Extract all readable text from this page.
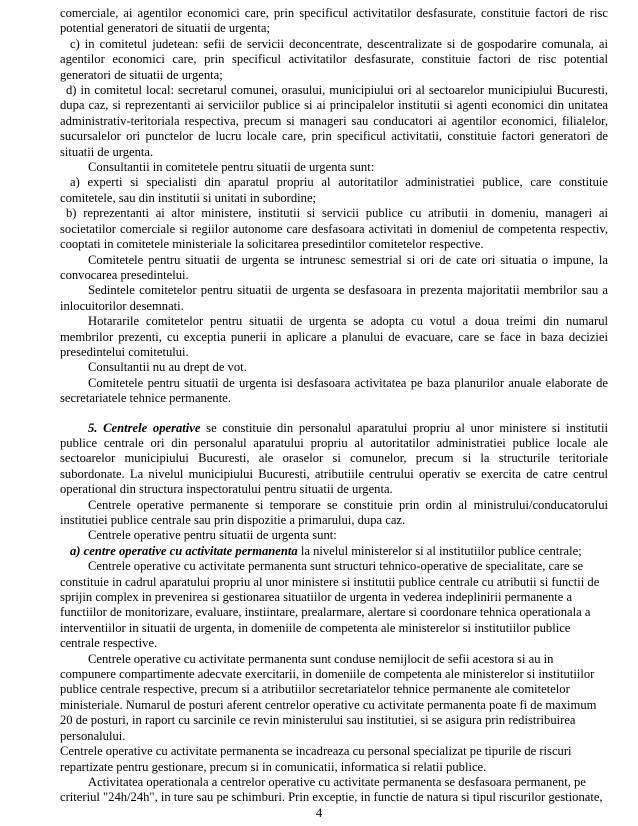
comerciale, ai agentilor economici care, prin specificul activitatilor desfasurate, constituie factori de risc potential generatori de situatii de urgenta;

c) in comitetul judetean: sefii de servicii deconcentrate, descentralizate si de gospodarire comunala, ai agentilor economici care, prin specificul activitatilor desfasurate, constituie factori de risc potential generatori de situatii de urgenta;

d) in comitetul local: secretarul comunei, orasului, municipiului ori al sectoarelor municipiului Bucuresti, dupa caz, si reprezentanti ai serviciilor publice si ai principalelor institutii si agenti economici din unitatea administrativ-teritoriala respectiva, precum si manageri sau conducatori ai agentilor economici, filialelor, sucursalelor ori punctelor de lucru locale care, prin specificul activitatii, constituie factori generatori de situatii de urgenta.

Consultantii in comitetele pentru situatii de urgenta sunt:

a) experti si specialisti din aparatul propriu al autoritatilor administratiei publice, care constituie comitetele, sau din institutii si unitati in subordine;

b) reprezentanti ai altor ministere, institutii si servicii publice cu atributii in domeniu, manageri ai societatilor comerciale si regiilor autonome care desfasoara activitati in domeniul de competenta respectiv, cooptati in comitetele ministeriale la solicitarea presedintilor comitetelor respective.

Comitetele pentru situatii de urgenta se intrunesc semestrial si ori de cate ori situatia o impune, la convocarea presedintelui.

Sedintele comitetelor pentru situatii de urgenta se desfasoara in prezenta majoritatii membrilor sau a inlocuitorilor desemnati.

Hotararile comitetelor pentru situatii de urgenta se adopta cu votul a doua treimi din numarul membrilor prezenti, cu exceptia punerii in aplicare a planului de evacuare, care se face in baza deciziei presedintelui comitetului.

Consultantii nu au drept de vot.

Comitetele pentru situatii de urgenta isi desfasoara activitatea pe baza planurilor anuale elaborate de secretariatele tehnice permanente.

5. Centrele operative se constituie din personalul aparatului propriu al unor ministere si institutii publice centrale ori din personalul aparatului propriu al autoritatilor administratiei publice locale ale sectoarelor municipiului Bucuresti, ale oraselor si comunelor, precum si la structurile teritoriale subordonate. La nivelul municipiului Bucuresti, atributiile centrului operativ se exercita de catre centrul operational din structura inspectoratului pentru situatii de urgenta.

Centrele operative permanente si temporare se constituie prin ordin al ministrului/conducatorului institutiei publice centrale sau prin dispozitie a primarului, dupa caz.

Centrele operative pentru situatii de urgenta sunt:

a) centre operative cu activitate permanenta la nivelul ministerelor si al institutiilor publice centrale;

Centrele operative cu activitate permanenta sunt structuri tehnico-operative de specialitate, care se constituie in cadrul aparatului propriu al unor ministere si institutii publice centrale cu atributii si functii de sprijin complex in prevenirea si gestionarea situatiilor de urgenta in vederea indeplinirii permanente a functiilor de monitorizare, evaluare, instiintare, prealarmare, alertare si coordonare tehnica operationala a interventiilor in situatii de urgenta, in domeniile de competenta ale ministerelor si institutiilor publice centrale respective.

Centrele operative cu activitate permanenta sunt conduse nemijlocit de sefii acestora si au in compunere compartimente adecvate exercitarii, in domeniile de competenta ale ministerelor si institutiilor publice centrale respective, precum si a atributiilor secretariatelor tehnice permanente ale comitetelor ministeriale. Numarul de posturi aferent centrelor operative cu activitate permanenta poate fi de maximum 20 de posturi, in raport cu sarcinile ce revin ministerului sau institutiei, si se asigura prin redistribuirea personalului.

Centrele operative cu activitate permanenta se incadreaza cu personal specializat pe tipurile de riscuri repartizate pentru gestionare, precum si in comunicatii, informatica si relatii publice.

Activitatea operationala a centrelor operative cu activitate permanenta se desfasoara permanent, pe criteriul "24h/24h", in ture sau pe schimburi. Prin exceptie, in functie de natura si tipul riscurilor gestionate,

4
